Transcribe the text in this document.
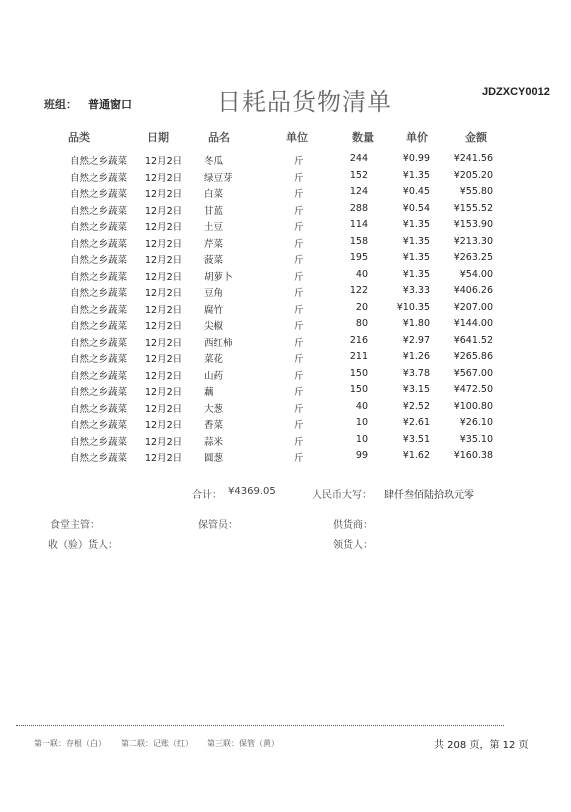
JDZXCY0012
班组： 普通窗口	日耗品货物清单
品类	日期	品名	单位	数量	单价	金额
自然之乡蔬菜 12月2日 冬瓜	斤	244	¥0.99 ¥241.56
自然之乡蔬菜 12月2日 绿豆芽	斤	152	¥1.35 ¥205.20
自然之乡蔬菜 12月2日 白菜	斤	124	¥0.45	¥55.80
自然之乡蔬菜 12月2日 甘蓝	斤	288	¥0.54 ¥155.52
自然之乡蔬菜 12月2日 土豆	斤	114	¥1.35 ¥153.90
自然之乡蔬菜 12月2日 芹菜	斤	158	¥1.35 ¥213.30
自然之乡蔬菜 12月2日 菠菜	斤	195	¥1.35 ¥263.25
自然之乡蔬菜 12月2日 胡萝卜	斤	40	¥1.35	¥54.00
自然之乡蔬菜 12月2日 豆角	斤	122	¥3.33 ¥406.26
自然之乡蔬菜 12月2日 腐竹	斤	20	¥10.35 ¥207.00
自然之乡蔬菜 12月2日 尖椒	斤	80	¥1.80 ¥144.00
自然之乡蔬菜 12月2日 西红柿	斤	216	¥2.97 ¥641.52
自然之乡蔬菜 12月2日 菜花	斤	211	¥1.26 ¥265.86
自然之乡蔬菜 12月2日 山药	斤	150	¥3.78 ¥567.00
自然之乡蔬菜 12月2日 藕	斤	150	¥3.15 ¥472.50
自然之乡蔬菜 12月2日 大葱	斤	40	¥2.52 ¥100.80
自然之乡蔬菜 12月2日 香菜	斤	10	¥2.61	¥26.10
自然之乡蔬菜 12月2日 蒜米	斤	10	¥3.51	¥35.10
自然之乡蔬菜 12月2日 圆葱	斤	99	¥1.62 ¥160.38
合计： ¥4369.05	人民币大写： 肆仟叁佰陆拾玖元零
食堂主管：	保管员：	供货商：
收（验）货人：	领货人：
第一联：存根（白） 第二联：记账（红） 第三联：保管（黄）	共 208 页，第 12 页
